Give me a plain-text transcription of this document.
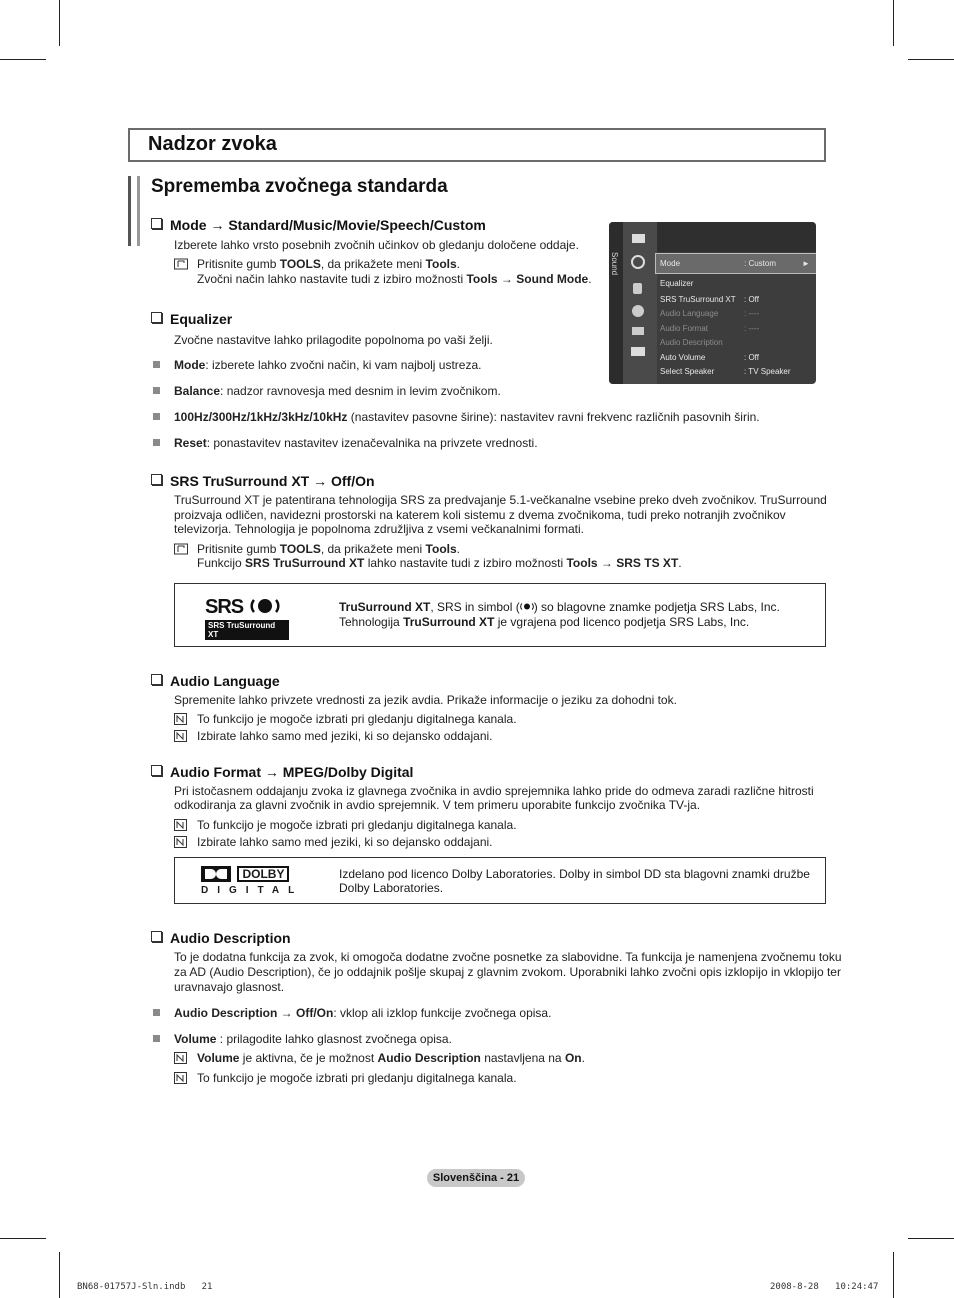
Nadzor zvoka
Sprememba zvočnega standarda
Mode → Standard/Music/Movie/Speech/Custom
Izberete lahko vrsto posebnih zvočnih učinkov ob gledanju določene oddaje.
Pritisnite gumb TOOLS, da prikažete meni Tools.
Zvočni način lahko nastavite tudi z izbiro možnosti Tools → Sound Mode.
Sound	Mode	: Custom	►
Equalizer
SRS TruSurround XT : Off
Audio Language	: ----
Audio Format	: ----
Audio Description
Auto Volume	: Off
Select Speaker	: TV Speaker
Equalizer
Zvočne nastavitve lahko prilagodite popolnoma po vaši želji.
Mode: izberete lahko zvočni način, ki vam najbolj ustreza.
Balance: nadzor ravnovesja med desnim in levim zvočnikom.
100Hz/300Hz/1kHz/3kHz/10kHz (nastavitev pasovne širine): nastavitev ravni frekvenc različnih pasovnih širin.
Reset: ponastavitev nastavitev izenačevalnika na privzete vrednosti.
SRS TruSurround XT → Off/On
TruSurround XT je patentirana tehnologija SRS za predvajanje 5.1-večkanalne vsebine preko dveh zvočnikov. TruSurround
proizvaja odličen, navidezni prostorski na katerem koli sistemu z dvema zvočnikoma, tudi preko notranjih zvočnikov
televizorja. Tehnologija je popolnoma združljiva z vsemi večkanalnimi formati.
Pritisnite gumb TOOLS, da prikažete meni Tools.
Funkcijo SRS TruSurround XT lahko nastavite tudi z izbiro možnosti Tools → SRS TS XT.
SRS
SRS TruSurround XT
TruSurround XT, SRS in simbol ( ) so blagovne znamke podjetja SRS Labs, Inc.
Tehnologija TruSurround XT je vgrajena pod licenco podjetja SRS Labs, Inc.
Audio Language
Spremenite lahko privzete vrednosti za jezik avdia. Prikaže informacije o jeziku za dohodni tok.
To funkcijo je mogoče izbrati pri gledanju digitalnega kanala.
Izbirate lahko samo med jeziki, ki so dejansko oddajani.
Audio Format → MPEG/Dolby Digital
Pri istočasnem oddajanju zvoka iz glavnega zvočnika in avdio sprejemnika lahko pride do odmeva zaradi različne hitrosti
odkodiranja za glavni zvočnik in avdio sprejemnik. V tem primeru uporabite funkcijo zvočnika TV-ja.
To funkcijo je mogoče izbrati pri gledanju digitalnega kanala.
Izbirate lahko samo med jeziki, ki so dejansko oddajani.
DOLBY
DIGITAL
Izdelano pod licenco Dolby Laboratories. Dolby in simbol DD sta blagovni znamki družbe
Dolby Laboratories.
Audio Description
To je dodatna funkcija za zvok, ki omogoča dodatne zvočne posnetke za slabovidne. Ta funkcija je namenjena zvočnemu toku
za AD (Audio Description), če jo oddajnik pošlje skupaj z glavnim zvokom. Uporabniki lahko zvočni opis izklopijo in vklopijo ter
uravnavajo glasnost.
Audio Description → Off/On: vklop ali izklop funkcije zvočnega opisa.
Volume : prilagodite lahko glasnost zvočnega opisa.
Volume je aktivna, če je možnost Audio Description nastavljena na On.
To funkcijo je mogoče izbrati pri gledanju digitalnega kanala.
Slovenščina - 21
BN68-01757J-Sln.indb   21	2008-8-28   10:24:47
